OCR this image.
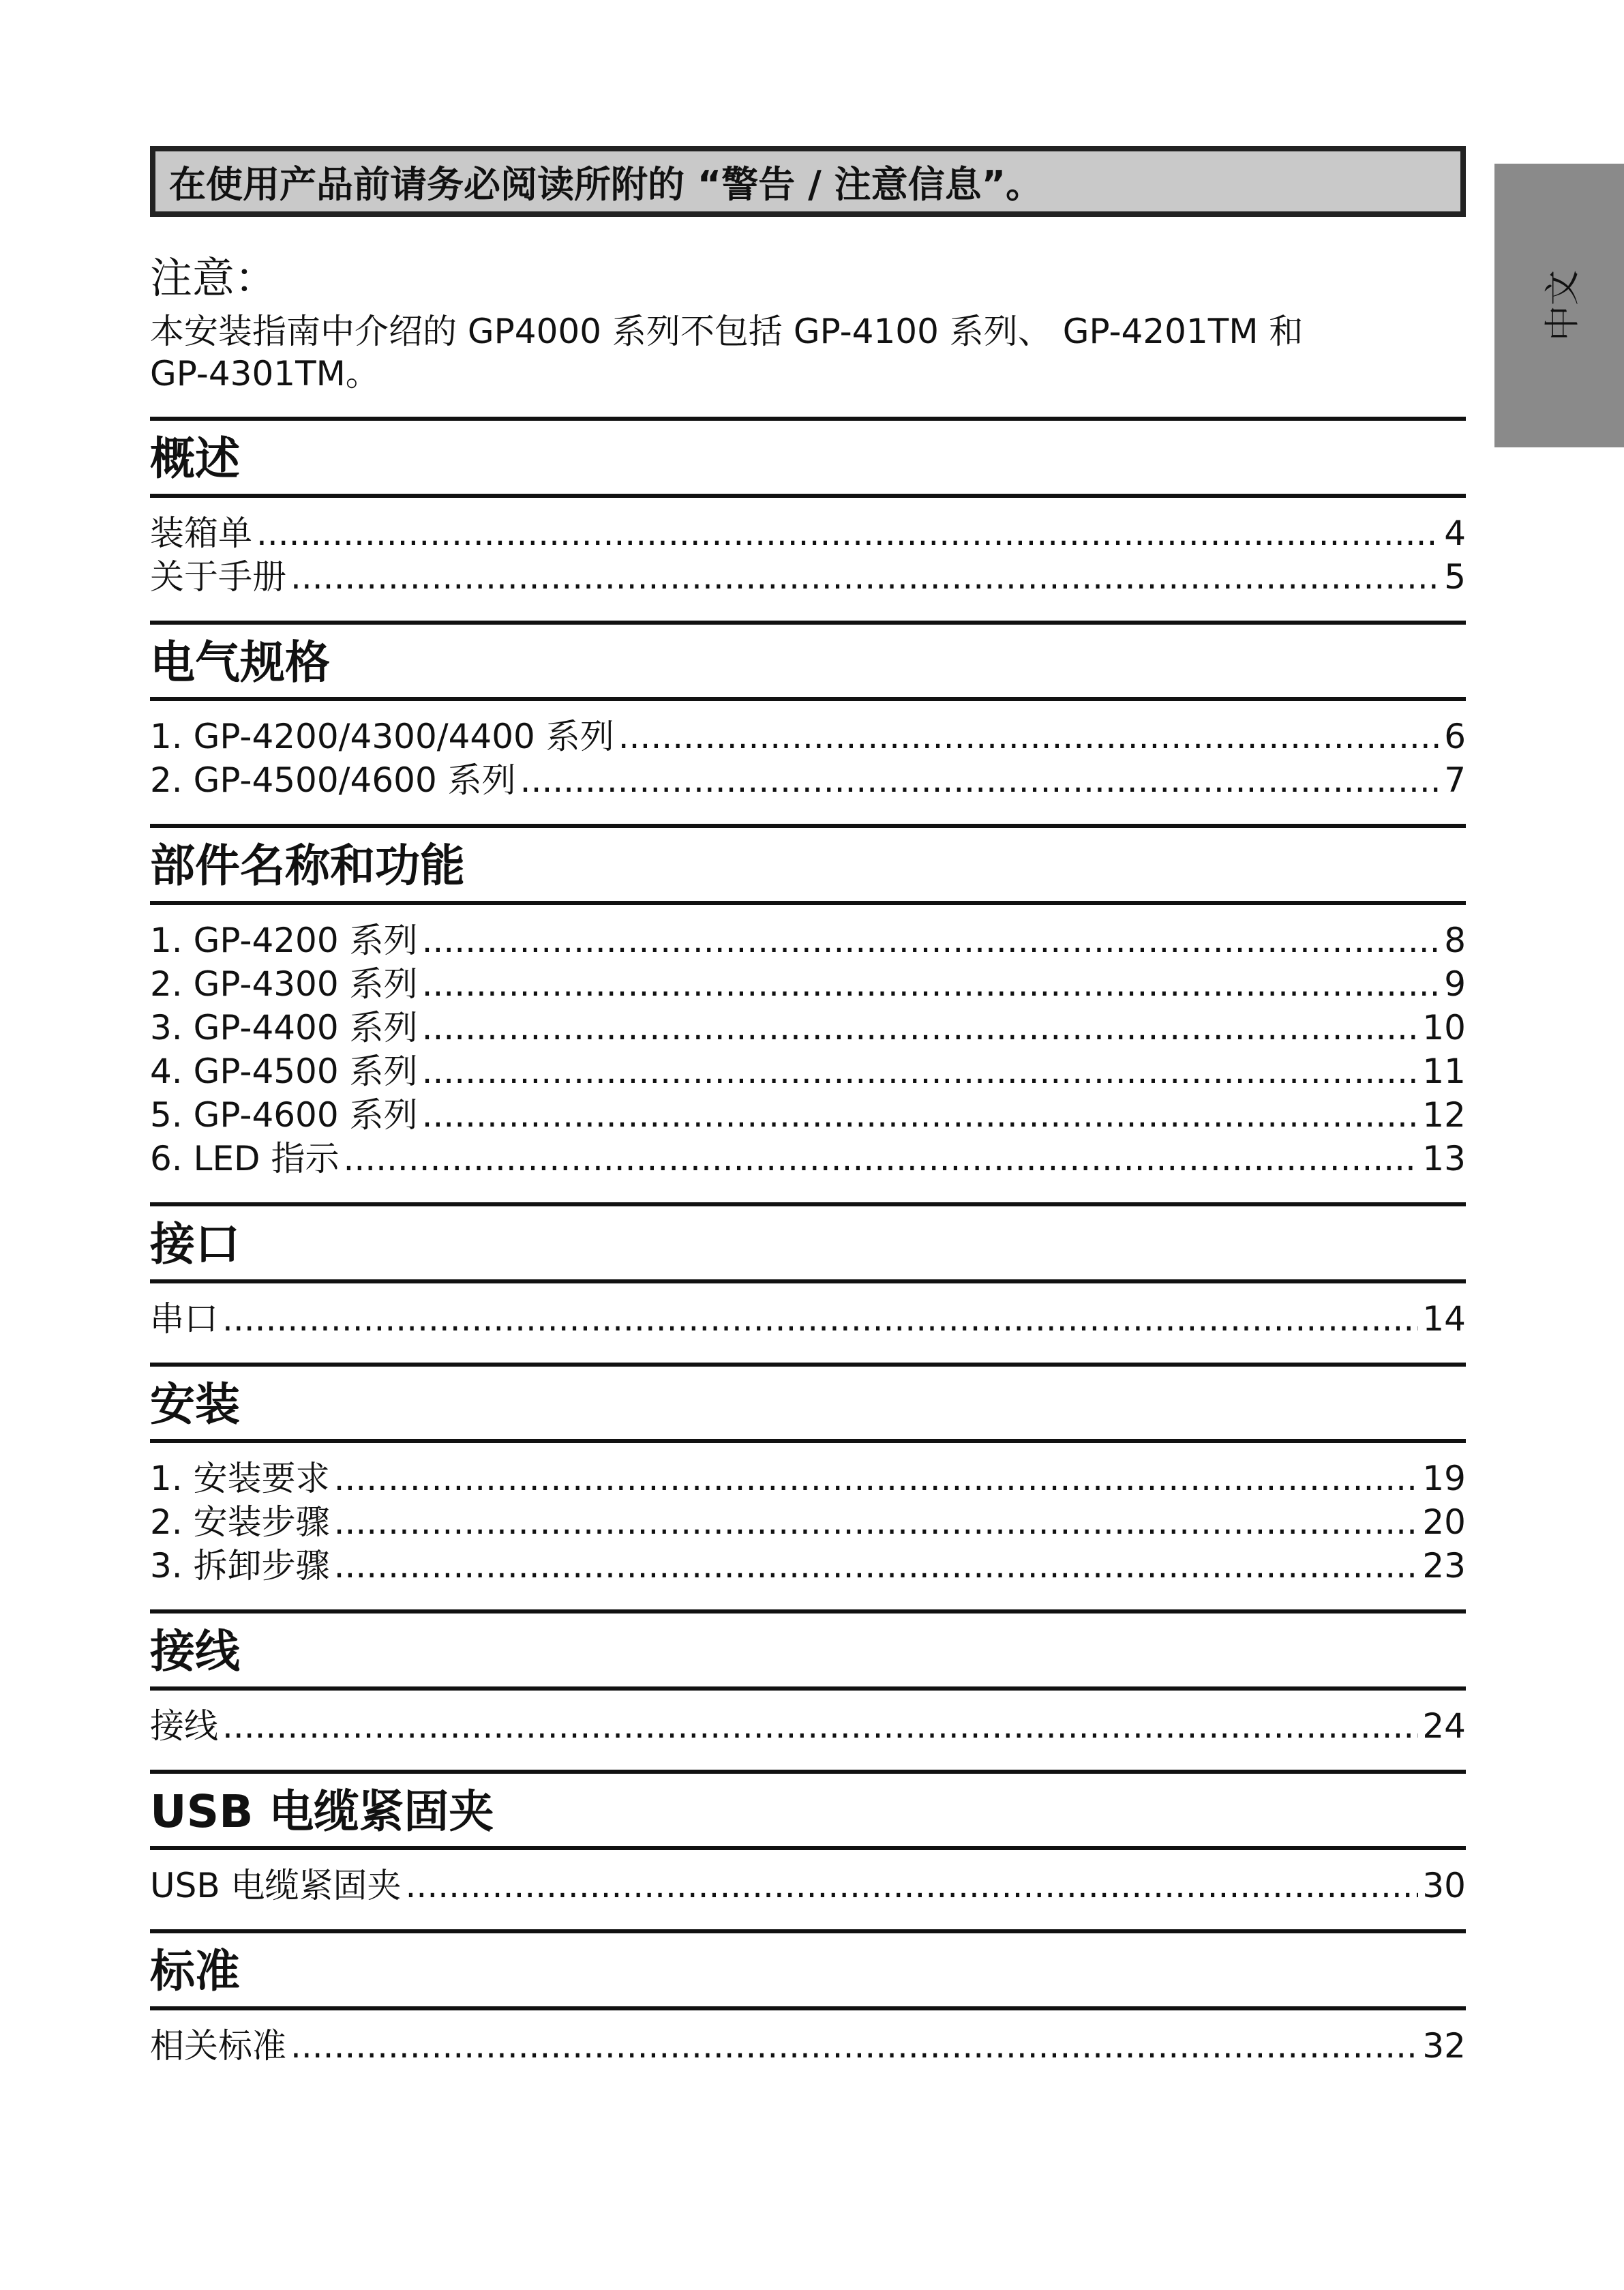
中文
在使用产品前请务必阅读所附的 “警告 / 注意信息”。
注意：
本安装指南中介绍的 GP4000 系列不包括 GP-4100 系列、 GP-4201TM 和
GP-4301TM。
概述
装箱单 .....	4
关于手册 .....	5
电气规格
1. GP-4200/4300/4400 系列 .....	6
2. GP-4500/4600 系列 .....	7
部件名称和功能
1. GP-4200 系列 .....	8
2. GP-4300 系列 .....	9
3. GP-4400 系列 .....	10
4. GP-4500 系列 .....	11
5. GP-4600 系列 .....	12
6. LED 指示 .....	13
接口
串口 .....	14
安装
1. 安装要求 .....	19
2. 安装步骤 .....	20
3. 拆卸步骤 .....	23
接线
接线 .....	24
USB 电缆紧固夹
USB 电缆紧固夹 .....	30
标准
相关标准 .....	32
